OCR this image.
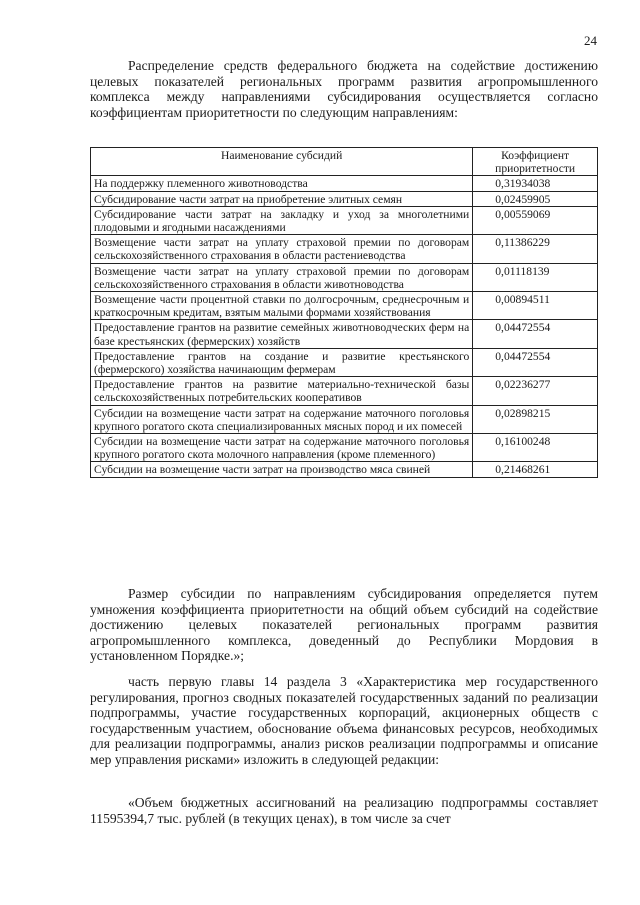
24

Распределение средств федерального бюджета на содействие достижению целевых показателей региональных программ развития агропромышленного комплекса между направлениями субсидирования осуществляется согласно коэффициентам приоритетности по следующим направлениям:

Наименование субсидий	Коэффициент приоритетности
На поддержку племенного животноводства	0,31934038
Субсидирование части затрат на приобретение элитных семян	0,02459905
Субсидирование части затрат на закладку и уход за многолетними плодовыми и ягодными насаждениями	0,00559069
Возмещение части затрат на уплату страховой премии по договорам сельскохозяйственного страхования в области растениеводства	0,11386229
Возмещение части затрат на уплату страховой премии по договорам сельскохозяйственного страхования в области животноводства	0,01118139
Возмещение части процентной ставки по долгосрочным, среднесрочным и краткосрочным кредитам, взятым малыми формами хозяйствования	0,00894511
Предоставление грантов на развитие семейных животноводческих ферм на базе крестьянских (фермерских) хозяйств	0,04472554
Предоставление грантов на создание и развитие крестьянского (фермерского) хозяйства начинающим фермерам	0,04472554
Предоставление грантов на развитие материально-технической базы сельскохозяйственных потребительских кооперативов	0,02236277
Субсидии на возмещение части затрат на содержание маточного поголовья крупного рогатого скота специализированных мясных пород и их помесей	0,02898215
Субсидии на возмещение части затрат на содержание маточного поголовья крупного рогатого скота молочного направления (кроме племенного)	0,16100248
Субсидии на возмещение части затрат на производство мяса свиней	0,21468261

Размер субсидии по направлениям субсидирования определяется путем умножения коэффициента приоритетности на общий объем субсидий на содействие достижению целевых показателей региональных программ развития агропромышленного комплекса, доведенный до Республики Мордовия в установленном Порядке.»;

часть первую главы 14 раздела 3 «Характеристика мер государственного регулирования, прогноз сводных показателей государственных заданий по реализации подпрограммы, участие государственных корпораций, акционерных обществ с государственным участием, обоснование объема финансовых ресурсов, необходимых для реализации подпрограммы, анализ рисков реализации подпрограммы и описание мер управления рисками» изложить в следующей редакции:

«Объем бюджетных ассигнований на реализацию подпрограммы составляет 11595394,7 тыс. рублей (в текущих ценах), в том числе за счет
